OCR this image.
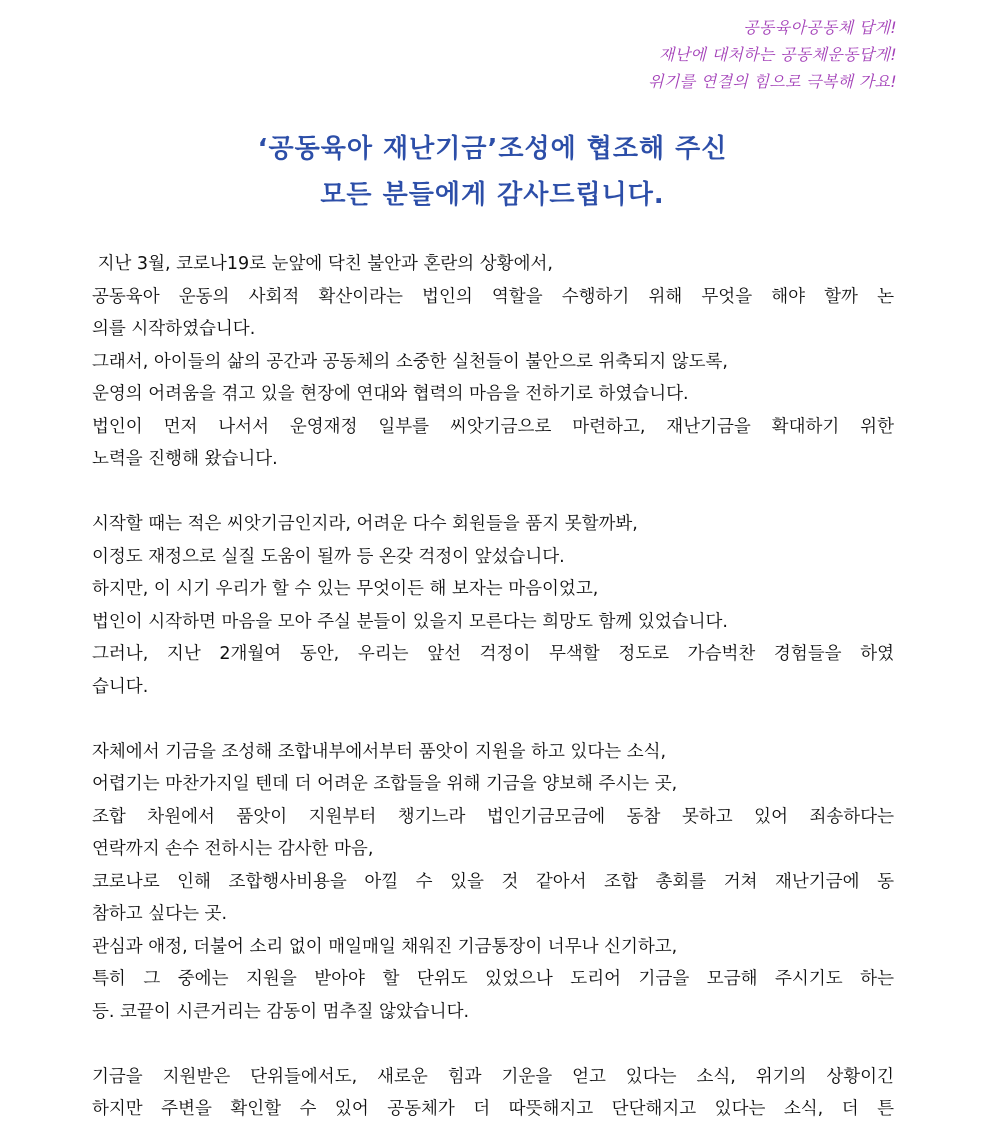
공동육아공동체 답게!
재난에 대처하는 공동체운동답게!
위기를 연결의 힘으로 극복해 가요!
‘공동육아 재난기금’조성에 협조해 주신
모든 분들에게 감사드립니다.
지난 3월, 코로나19로 눈앞에 닥친 불안과 혼란의 상황에서,
공동육아 운동의 사회적 확산이라는 법인의 역할을 수행하기 위해 무엇을 해야 할까 논
의를 시작하였습니다.
그래서, 아이들의 삶의 공간과 공동체의 소중한 실천들이 불안으로 위축되지 않도록,
운영의 어려움을 겪고 있을 현장에 연대와 협력의 마음을 전하기로 하였습니다.
법인이 먼저 나서서 운영재정 일부를 씨앗기금으로 마련하고, 재난기금을 확대하기 위한
노력을 진행해 왔습니다.
시작할 때는 적은 씨앗기금인지라, 어려운 다수 회원들을 품지 못할까봐,
이정도 재정으로 실질 도움이 될까 등 온갖 걱정이 앞섰습니다.
하지만, 이 시기 우리가 할 수 있는 무엇이든 해 보자는 마음이었고,
법인이 시작하면 마음을 모아 주실 분들이 있을지 모른다는 희망도 함께 있었습니다.
그러나, 지난 2개월여 동안, 우리는 앞선 걱정이 무색할 정도로 가슴벅찬 경험들을 하였
습니다.
자체에서 기금을 조성해 조합내부에서부터 품앗이 지원을 하고 있다는 소식,
어렵기는 마찬가지일 텐데 더 어려운 조합들을 위해 기금을 양보해 주시는 곳,
조합 차원에서 품앗이 지원부터 챙기느라 법인기금모금에 동참 못하고 있어 죄송하다는
연락까지 손수 전하시는 감사한 마음,
코로나로 인해 조합행사비용을 아낄 수 있을 것 같아서 조합 총회를 거쳐 재난기금에 동
참하고 싶다는 곳.
관심과 애정, 더불어 소리 없이 매일매일 채워진 기금통장이 너무나 신기하고,
특히 그 중에는 지원을 받아야 할 단위도 있었으나 도리어 기금을 모금해 주시기도 하는
등. 코끝이 시큰거리는 감동이 멈추질 않았습니다.
기금을 지원받은 단위들에서도, 새로운 힘과 기운을 얻고 있다는 소식, 위기의 상황이긴
하지만 주변을 확인할 수 있어 공동체가 더 따뜻해지고 단단해지고 있다는 소식, 더 튼
